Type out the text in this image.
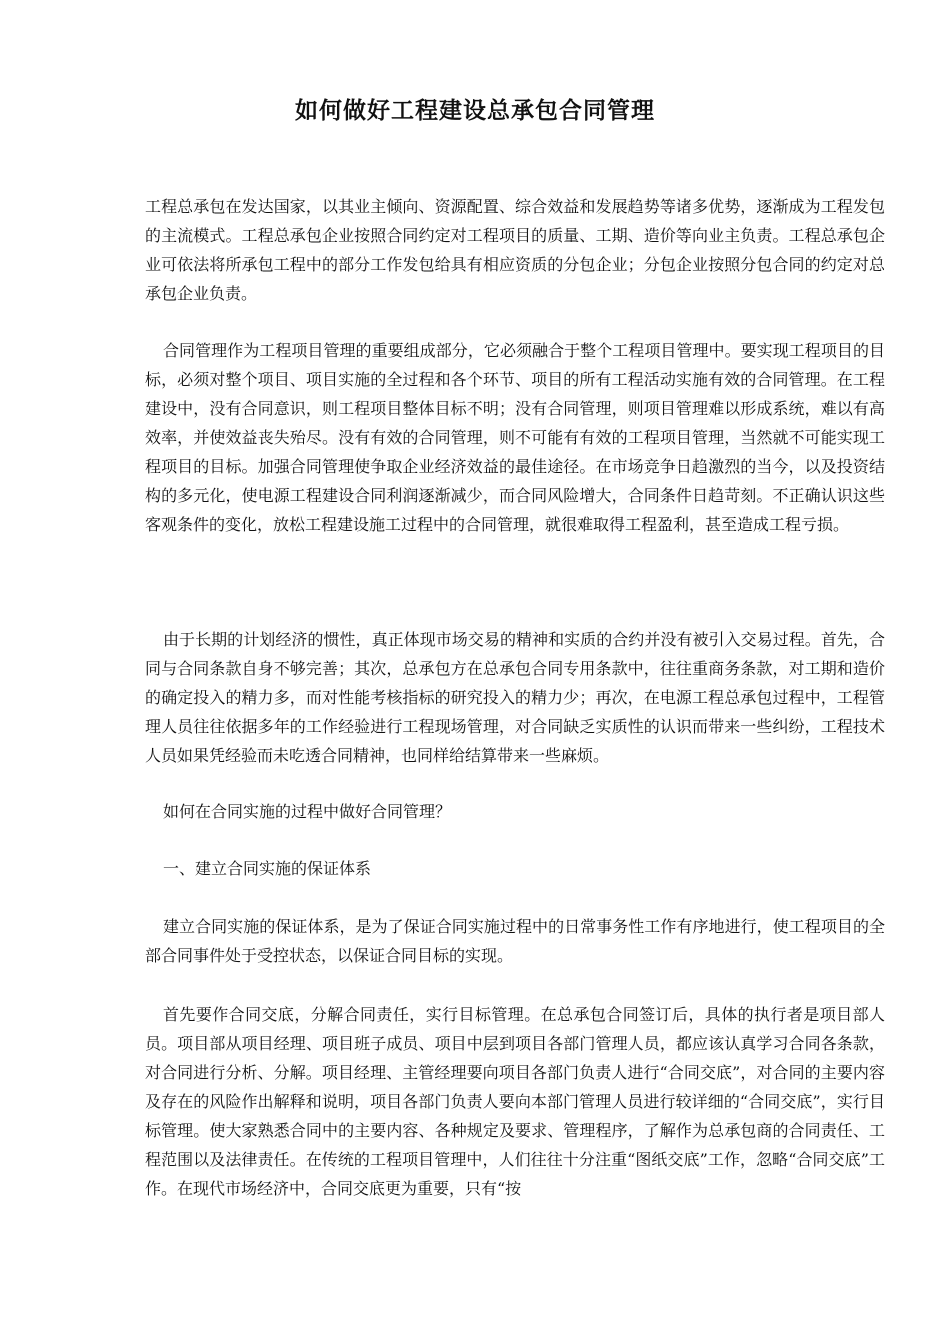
如何做好工程建设总承包合同管理

工程总承包在发达国家，以其业主倾向、资源配置、综合效益和发展趋势等诸多优势，逐渐成为工程发包的主流模式。工程总承包企业按照合同约定对工程项目的质量、工期、造价等向业主负责。工程总承包企业可依法将所承包工程中的部分工作发包给具有相应资质的分包企业；分包企业按照分包合同的约定对总承包企业负责。

合同管理作为工程项目管理的重要组成部分，它必须融合于整个工程项目管理中。要实现工程项目的目标，必须对整个项目、项目实施的全过程和各个环节、项目的所有工程活动实施有效的合同管理。在工程建设中，没有合同意识，则工程项目整体目标不明；没有合同管理，则项目管理难以形成系统，难以有高效率，并使效益丧失殆尽。没有有效的合同管理，则不可能有有效的工程项目管理，当然就不可能实现工程项目的目标。加强合同管理使争取企业经济效益的最佳途径。在市场竞争日趋激烈的当今，以及投资结构的多元化，使电源工程建设合同利润逐渐减少，而合同风险增大，合同条件日趋苛刻。不正确认识这些客观条件的变化，放松工程建设施工过程中的合同管理，就很难取得工程盈利，甚至造成工程亏损。

由于长期的计划经济的惯性，真正体现市场交易的精神和实质的合约并没有被引入交易过程。首先，合同与合同条款自身不够完善；其次，总承包方在总承包合同专用条款中，往往重商务条款，对工期和造价的确定投入的精力多，而对性能考核指标的研究投入的精力少；再次，在电源工程总承包过程中，工程管理人员往往依据多年的工作经验进行工程现场管理，对合同缺乏实质性的认识而带来一些纠纷，工程技术人员如果凭经验而未吃透合同精神，也同样给结算带来一些麻烦。

如何在合同实施的过程中做好合同管理？

一、建立合同实施的保证体系

建立合同实施的保证体系，是为了保证合同实施过程中的日常事务性工作有序地进行，使工程项目的全部合同事件处于受控状态，以保证合同目标的实现。

首先要作合同交底，分解合同责任，实行目标管理。在总承包合同签订后，具体的执行者是项目部人员。项目部从项目经理、项目班子成员、项目中层到项目各部门管理人员，都应该认真学习合同各条款，对合同进行分析、分解。项目经理、主管经理要向项目各部门负责人进行“合同交底”，对合同的主要内容及存在的风险作出解释和说明，项目各部门负责人要向本部门管理人员进行较详细的“合同交底”，实行目标管理。使大家熟悉合同中的主要内容、各种规定及要求、管理程序，了解作为总承包商的合同责任、工程范围以及法律责任。在传统的工程项目管理中，人们往往十分注重“图纸交底”工作，忽略“合同交底”工作。在现代市场经济中，合同交底更为重要，只有“按
